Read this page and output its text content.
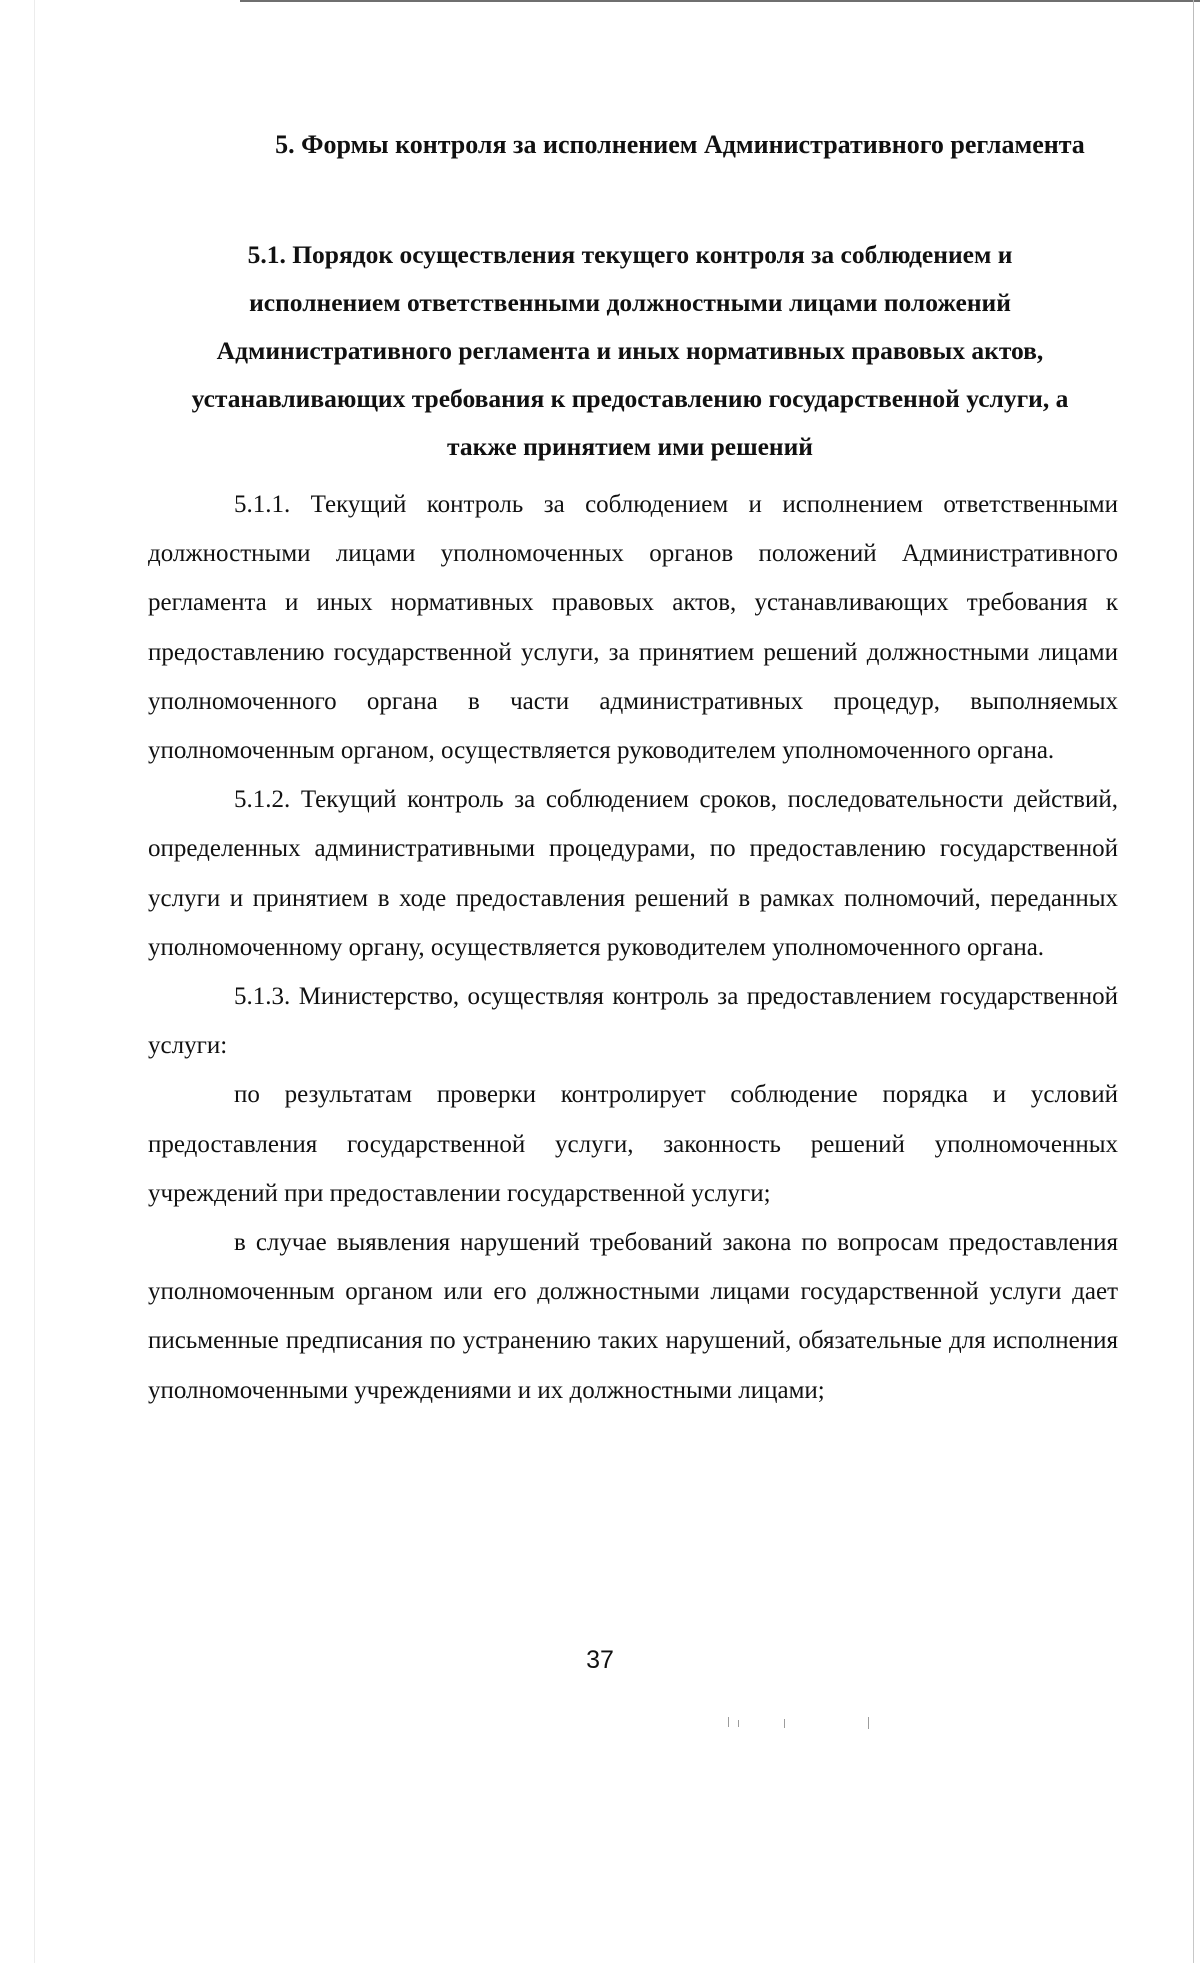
5. Формы контроля за исполнением Административного регламента
5.1. Порядок осуществления текущего контроля за соблюдением и
исполнением ответственными должностными лицами положений
Административного регламента и иных нормативных правовых актов,
устанавливающих требования к предоставлению государственной услуги, а
также принятием ими решений

5.1.1. Текущий контроль за соблюдением и исполнением ответственными должностными лицами уполномоченных органов положений Административного регламента и иных нормативных правовых актов, устанавливающих требования к предоставлению государственной услуги, за принятием решений должностными лицами уполномоченного органа в части административных процедур, выполняемых уполномоченным органом, осуществляется руководителем уполномоченного органа.

5.1.2. Текущий контроль за соблюдением сроков, последовательности действий, определенных административными процедурами, по предоставлению государственной услуги и принятием в ходе предоставления решений в рамках полномочий, переданных уполномоченному органу, осуществляется руководителем уполномоченного органа.

5.1.3. Министерство, осуществляя контроль за предоставлением государственной услуги:

по результатам проверки контролирует соблюдение порядка и условий предоставления государственной услуги, законность решений уполномоченных учреждений при предоставлении государственной услуги;

в случае выявления нарушений требований закона по вопросам предоставления уполномоченным органом или его должностными лицами государственной услуги дает письменные предписания по устранению таких нарушений, обязательные для исполнения уполномоченными учреждениями и их должностными лицами;

37
